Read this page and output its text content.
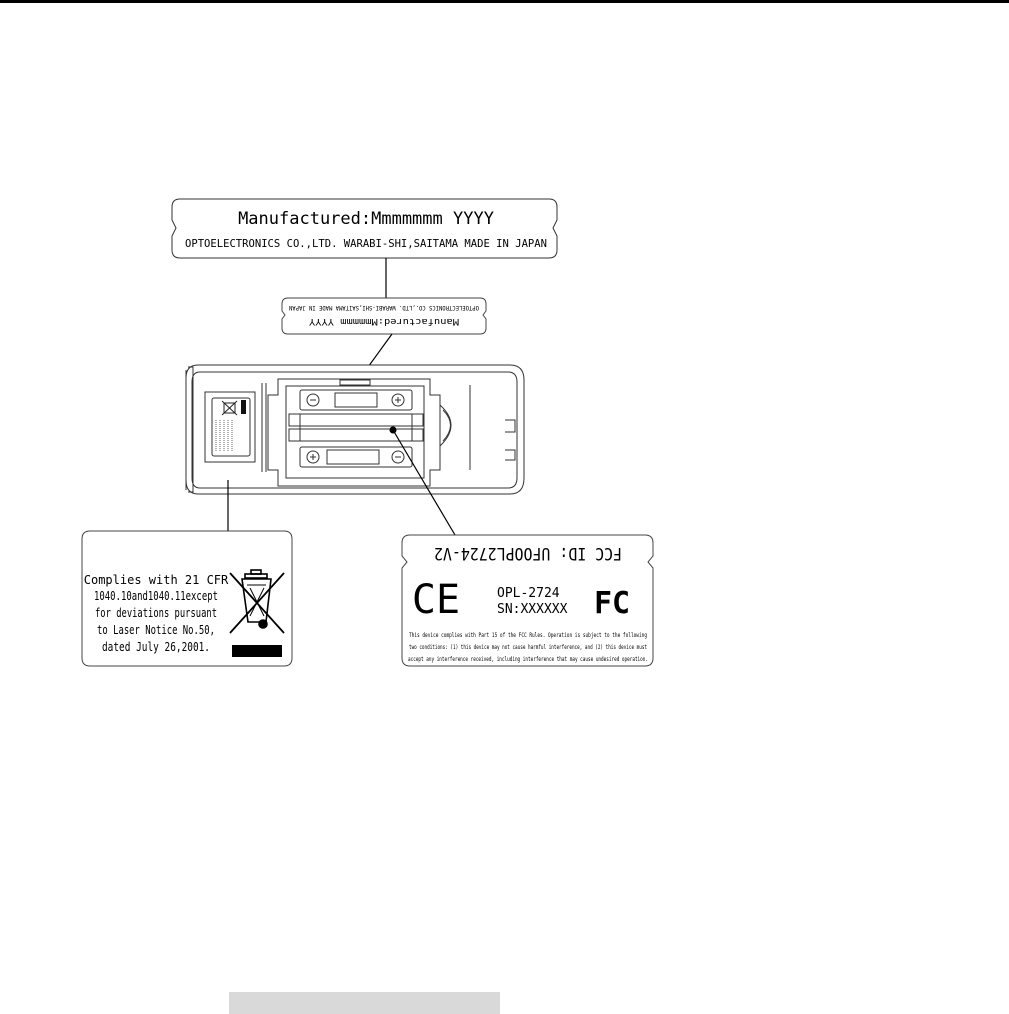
Manufactured:Mmmmmmm YYYY
OPTOELECTRONICS CO.,LTD. WARABI-SHI,SAITAMA MADE IN JAPAN
Manufactured:Mmmmmm YYYY
OPTOELECTRONICS CO.,LTD. WARABI-SHI,SAITAMA MADE IN JAPAN
Complies with 21 CFR
1040.10and1040.11except
for deviations pursuant
to Laser Notice No.50,
dated July 26,2001.
FCC ID: UFOOPL2724-V2
CE	OPL-2724
SN:XXXXXX FC
This device complies with Part 15 of the FCC Rules. Operation is subject to the following
two conditions: (1) this device may not cause harmful interference, and (2) this device must
accept any interference received, including interference that may cause undesired operation.
